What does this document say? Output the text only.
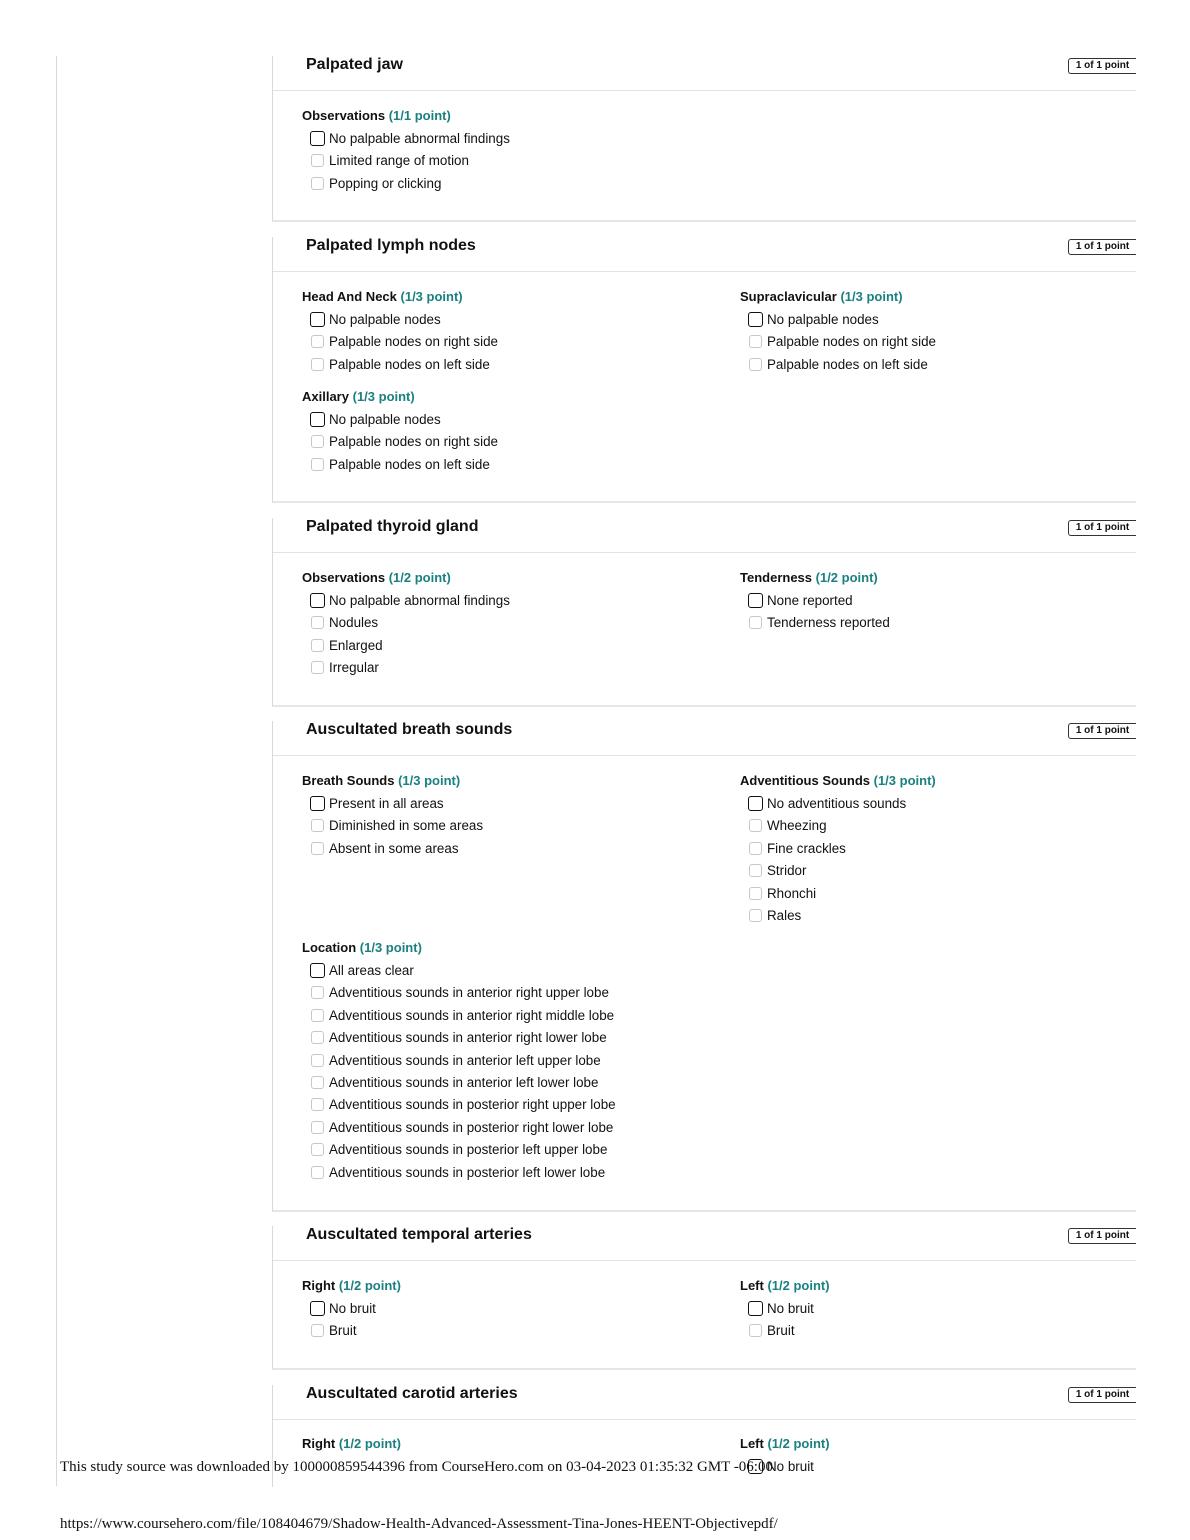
Palpated jaw	1 of 1 point
Observations (1/1 point)
No palpable abnormal findings
Limited range of motion
Popping or clicking
Palpated lymph nodes	1 of 1 point
Head And Neck (1/3 point)
No palpable nodes
Palpable nodes on right side
Palpable nodes on left side
Supraclavicular (1/3 point)
No palpable nodes
Palpable nodes on right side
Palpable nodes on left side
Axillary (1/3 point)
No palpable nodes
Palpable nodes on right side
Palpable nodes on left side
Palpated thyroid gland	1 of 1 point
Observations (1/2 point)
No palpable abnormal findings
Nodules
Enlarged
Irregular
Tenderness (1/2 point)
None reported
Tenderness reported
Auscultated breath sounds	1 of 1 point
Breath Sounds (1/3 point)
Present in all areas
Diminished in some areas
Absent in some areas
Adventitious Sounds (1/3 point)
No adventitious sounds
Wheezing
Fine crackles
Stridor
Rhonchi
Rales
Location (1/3 point)
All areas clear
Adventitious sounds in anterior right upper lobe
Adventitious sounds in anterior right middle lobe
Adventitious sounds in anterior right lower lobe
Adventitious sounds in anterior left upper lobe
Adventitious sounds in anterior left lower lobe
Adventitious sounds in posterior right upper lobe
Adventitious sounds in posterior right lower lobe
Adventitious sounds in posterior left upper lobe
Adventitious sounds in posterior left lower lobe
Auscultated temporal arteries	1 of 1 point
Right (1/2 point)
No bruit
Bruit
Left (1/2 point)
No bruit
Bruit
Auscultated carotid arteries	1 of 1 point
Right (1/2 point)	Left (1/2 point)
No bruit
This study source was downloaded by 100000859544396 from CourseHero.com on 03-04-2023 01:35:32 GMT -06:00
https://www.coursehero.com/file/108404679/Shadow-Health-Advanced-Assessment-Tina-Jones-HEENT-Objectivepdf/
